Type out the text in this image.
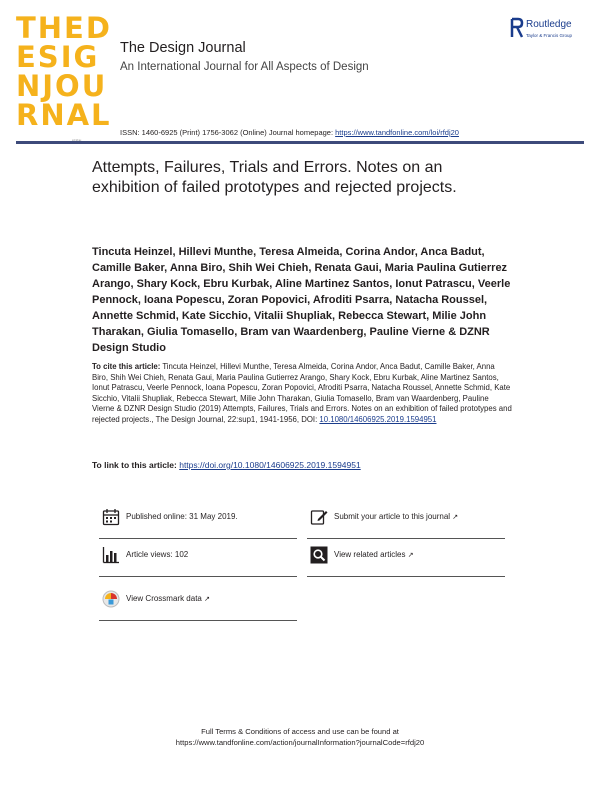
THED
ESIG
NJOU
RNAL
The Design Journal
An International Journal for All Aspects of Design
Routledge
Taylor & Francis Group
ISSN: 1460-6925 (Print) 1756-3062 (Online) Journal homepage: https://www.tandfonline.com/loi/rfdj20
Attempts, Failures, Trials and Errors. Notes on an exhibition of failed prototypes and rejected projects.
Tincuta Heinzel, Hillevi Munthe, Teresa Almeida, Corina Andor, Anca Badut, Camille Baker, Anna Biro, Shih Wei Chieh, Renata Gaui, Maria Paulina Gutierrez Arango, Shary Kock, Ebru Kurbak, Aline Martinez Santos, Ionut Patrascu, Veerle Pennock, Ioana Popescu, Zoran Popovici, Afroditi Psarra, Natacha Roussel, Annette Schmid, Kate Sicchio, Vitalii Shupliak, Rebecca Stewart, Milie John Tharakan, Giulia Tomasello, Bram van Waardenberg, Pauline Vierne & DZNR Design Studio
To cite this article: Tincuta Heinzel, Hillevi Munthe, Teresa Almeida, Corina Andor, Anca Badut, Camille Baker, Anna Biro, Shih Wei Chieh, Renata Gaui, Maria Paulina Gutierrez Arango, Shary Kock, Ebru Kurbak, Aline Martinez Santos, Ionut Patrascu, Veerle Pennock, Ioana Popescu, Zoran Popovici, Afroditi Psarra, Natacha Roussel, Annette Schmid, Kate Sicchio, Vitalii Shupliak, Rebecca Stewart, Milie John Tharakan, Giulia Tomasello, Bram van Waardenberg, Pauline Vierne & DZNR Design Studio (2019) Attempts, Failures, Trials and Errors. Notes on an exhibition of failed prototypes and rejected projects., The Design Journal, 22:sup1, 1941-1956, DOI: 10.1080/14606925.2019.1594951
To link to this article: https://doi.org/10.1080/14606925.2019.1594951
Published online: 31 May 2019.	Submit your article to this journal ↗
Article views: 102	View related articles ↗
View Crossmark data ↗
Full Terms & Conditions of access and use can be found at
https://www.tandfonline.com/action/journalInformation?journalCode=rfdj20
